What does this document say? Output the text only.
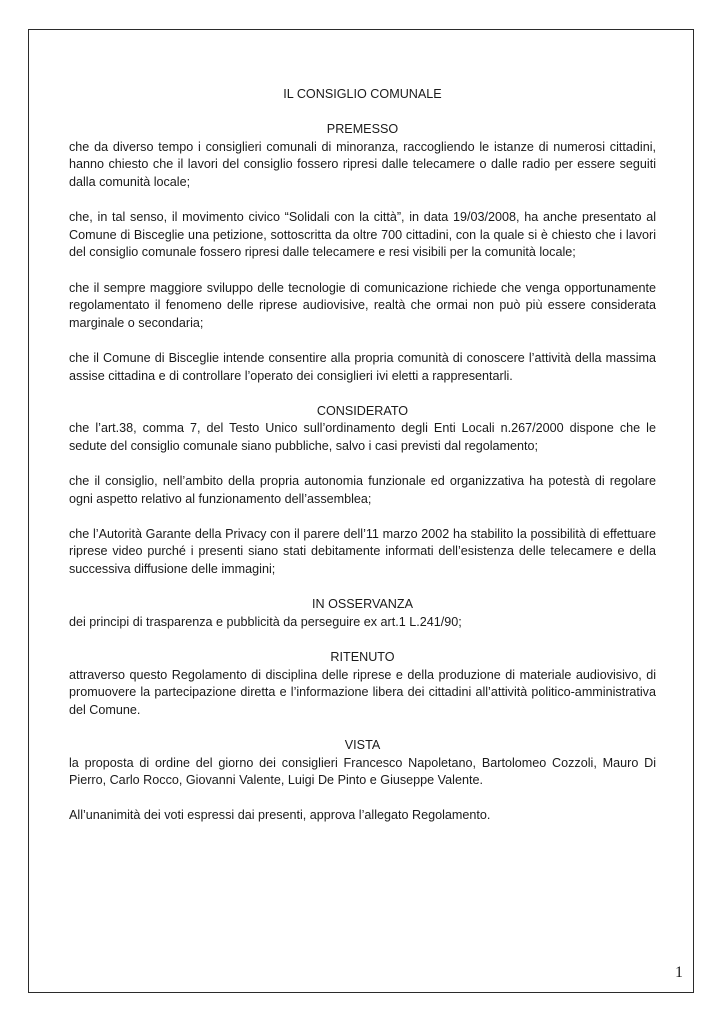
IL CONSIGLIO COMUNALE

PREMESSO

che da diverso tempo i consiglieri comunali di minoranza, raccogliendo le istanze di numerosi cittadini, hanno chiesto che il lavori del consiglio fossero ripresi dalle telecamere o dalle radio per essere seguiti dalla comunità locale;

che, in tal senso, il movimento civico “Solidali con la città”, in data 19/03/2008, ha anche presentato al Comune di Bisceglie una petizione, sottoscritta da oltre 700 cittadini, con la quale si è chiesto che i lavori del consiglio comunale fossero ripresi dalle telecamere e resi visibili per la comunità locale;

che il sempre maggiore sviluppo delle tecnologie di comunicazione richiede che venga opportunamente regolamentato il fenomeno delle riprese audiovisive, realtà che ormai non può più essere considerata marginale o secondaria;

che il Comune di Bisceglie intende consentire alla propria comunità di conoscere l’attività della massima assise cittadina e di controllare l’operato dei consiglieri ivi eletti a rappresentarli.

CONSIDERATO

che l’art.38, comma 7, del Testo Unico sull’ordinamento degli Enti Locali n.267/2000 dispone che le sedute del consiglio comunale siano pubbliche, salvo i casi previsti dal regolamento;

che il consiglio, nell’ambito della propria autonomia funzionale ed organizzativa ha potestà di regolare ogni aspetto relativo al funzionamento dell’assemblea;

che l’Autorità Garante della Privacy con il parere dell’11 marzo 2002 ha stabilito la possibilità di effettuare riprese video purché i presenti siano stati debitamente informati dell’esistenza delle telecamere e della successiva diffusione delle immagini;

IN OSSERVANZA

dei principi di trasparenza e pubblicità da perseguire ex art.1 L.241/90;

RITENUTO

attraverso questo Regolamento di disciplina delle riprese e della produzione di materiale audiovisivo, di promuovere la partecipazione diretta e l’informazione libera dei cittadini all’attività politico-amministrativa del Comune.

VISTA

la proposta di ordine del giorno dei consiglieri Francesco Napoletano, Bartolomeo Cozzoli, Mauro Di Pierro, Carlo Rocco, Giovanni Valente, Luigi De Pinto e Giuseppe Valente.

All’unanimità dei voti espressi dai presenti, approva l’allegato Regolamento.

1
